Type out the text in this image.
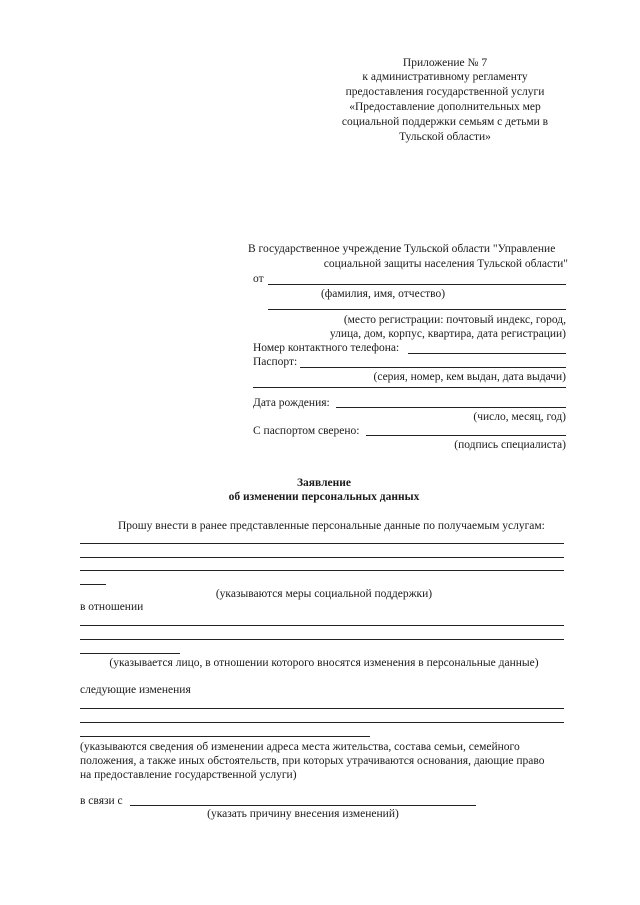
Приложение № 7
к административному регламенту
предоставления государственной услуги
«Предоставление дополнительных мер
социальной поддержки семьям с детьми в
Тульской области»
В государственное учреждение Тульской области "Управление
социальной защиты населения Тульской области"
от
(фамилия, имя, отчество)
(место регистрации: почтовый индекс, город,
улица, дом, корпус, квартира, дата регистрации)
Номер контактного телефона:
Паспорт:
(серия, номер, кем выдан, дата выдачи)
Дата рождения:
(число, месяц, год)
С паспортом сверено:
(подпись специалиста)
Заявление
об изменении персональных данных
Прошу внести в ранее представленные персональные данные по получаемым услугам:
(указываются меры социальной поддержки)
в отношении
(указывается лицо, в отношении которого вносятся изменения в персональные данные)
следующие изменения
(указываются сведения об изменении адреса места жительства, состава семьи, семейного
положения, а также иных обстоятельств, при которых утрачиваются основания, дающие право
на предоставление государственной услуги)
в связи с
(указать причину внесения изменений)
